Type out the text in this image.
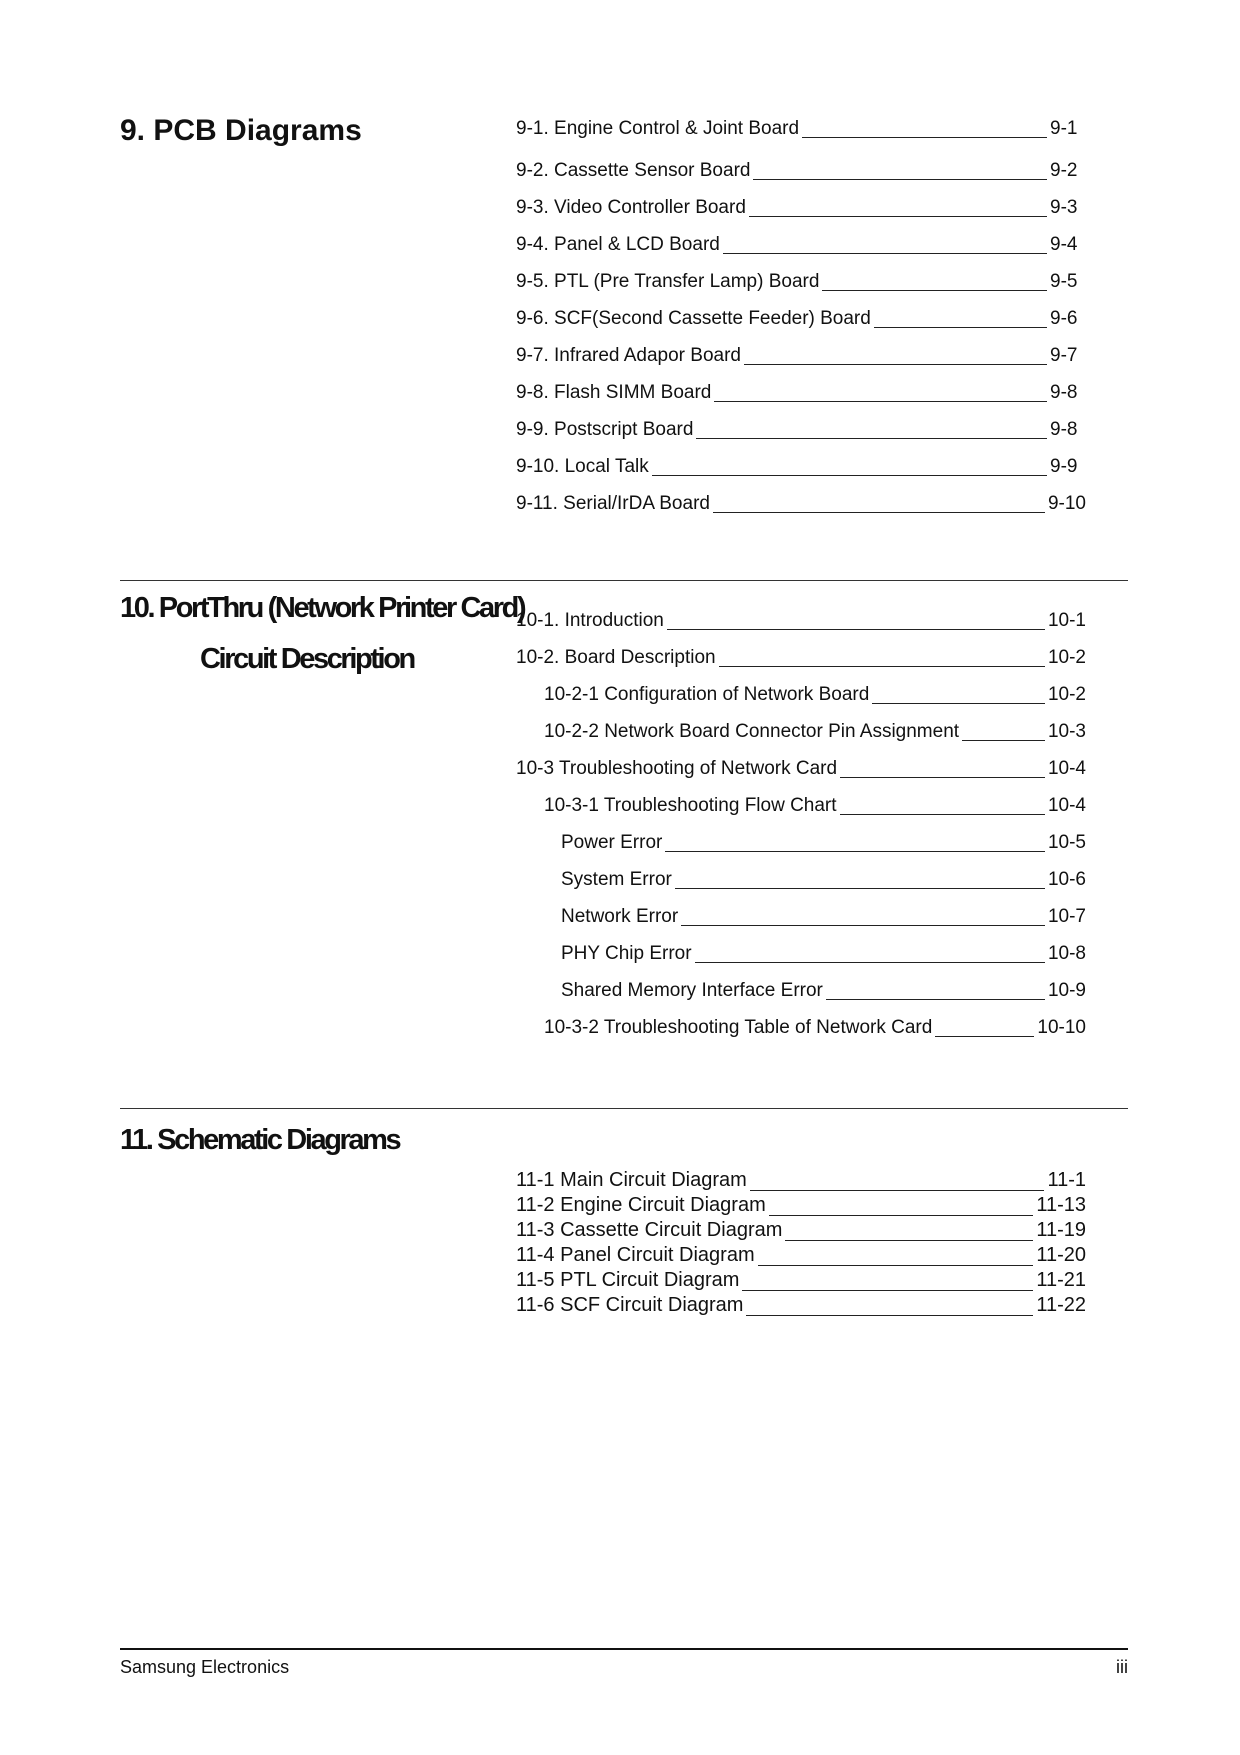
9. PCB Diagrams	9-1. Engine Control & Joint Board	9-1
9-2. Cassette Sensor Board	9-2
9-3. Video Controller Board	9-3
9-4. Panel & LCD Board	9-4
9-5. PTL (Pre Transfer Lamp) Board	9-5
9-6. SCF(Second Cassette Feeder) Board	9-6
9-7. Infrared Adapor Board	9-7
9-8. Flash SIMM Board	9-8
9-9. Postscript Board	9-8
9-10. Local Talk	9-9
9-11. Serial/IrDA Board	9-10
10. PortThru (Network Printer Card)
Circuit Description
10-1. Introduction	10-1
10-2. Board Description	10-2
10-2-1 Configuration of Network Board	10-2
10-2-2 Network Board Connector Pin Assignment	10-3
10-3 Troubleshooting of Network Card	10-4
10-3-1 Troubleshooting Flow Chart	10-4
Power Error	10-5
System Error	10-6
Network Error	10-7
PHY Chip Error	10-8
Shared Memory Interface Error	10-9
10-3-2 Troubleshooting Table of Network Card	10-10
11. Schematic Diagrams
11-1 Main Circuit Diagram	11-1
11-2 Engine Circuit Diagram	11-13
11-3 Cassette Circuit Diagram	11-19
11-4 Panel Circuit Diagram	11-20
11-5 PTL Circuit Diagram	11-21
11-6 SCF Circuit Diagram	11-22
Samsung Electronics	iii
